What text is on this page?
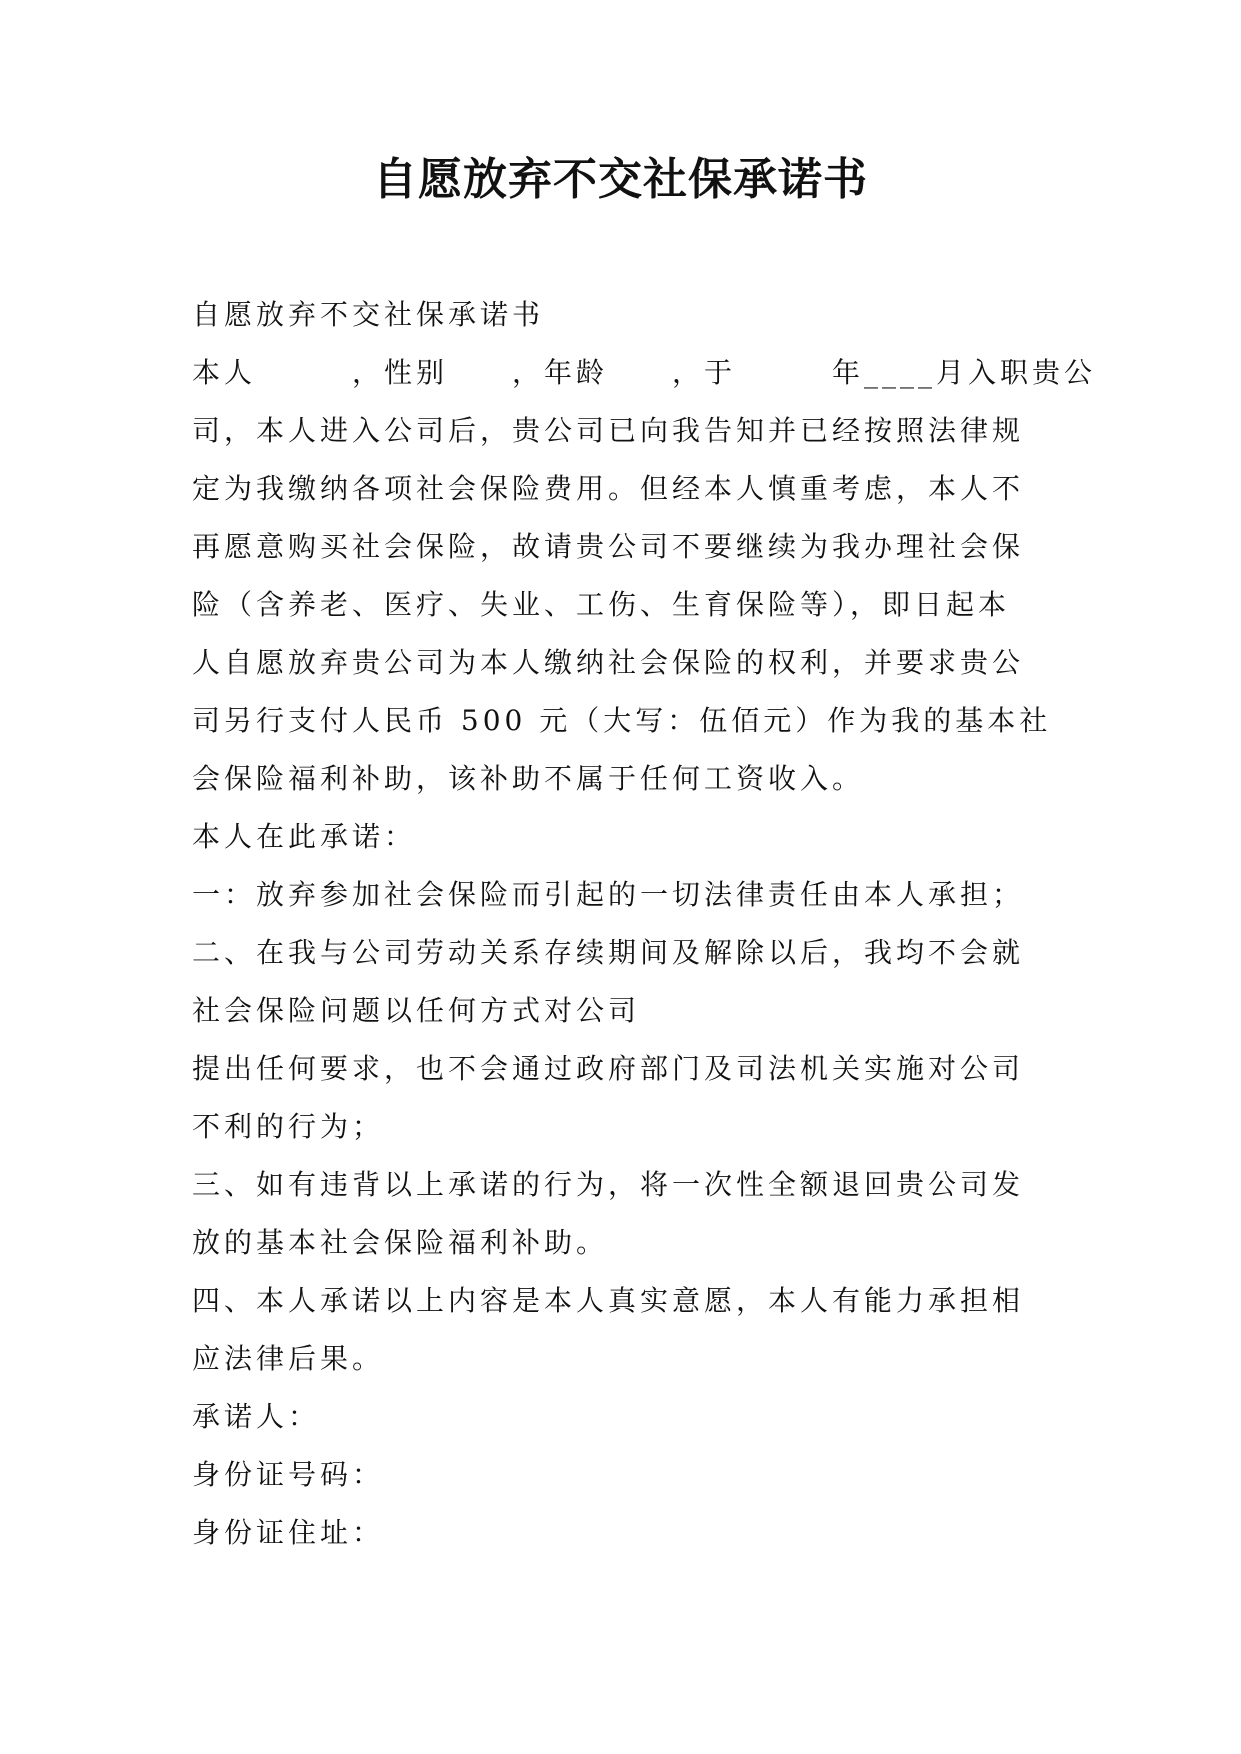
自愿放弃不交社保承诺书
自愿放弃不交社保承诺书
本人　　　，性别　　，年龄　　，于　　　年____月入职贵公
司，本人进入公司后，贵公司已向我告知并已经按照法律规
定为我缴纳各项社会保险费用。但经本人慎重考虑，本人不
再愿意购买社会保险，故请贵公司不要继续为我办理社会保
险（含养老、医疗、失业、工伤、生育保险等），即日起本
人自愿放弃贵公司为本人缴纳社会保险的权利，并要求贵公
司另行支付人民币 500 元（大写：伍佰元）作为我的基本社
会保险福利补助，该补助不属于任何工资收入。
本人在此承诺：
一：放弃参加社会保险而引起的一切法律责任由本人承担；
二、在我与公司劳动关系存续期间及解除以后，我均不会就
社会保险问题以任何方式对公司
提出任何要求，也不会通过政府部门及司法机关实施对公司
不利的行为；
三、如有违背以上承诺的行为，将一次性全额退回贵公司发
放的基本社会保险福利补助。
四、本人承诺以上内容是本人真实意愿，本人有能力承担相
应法律后果。
承诺人：
身份证号码：
身份证住址：
